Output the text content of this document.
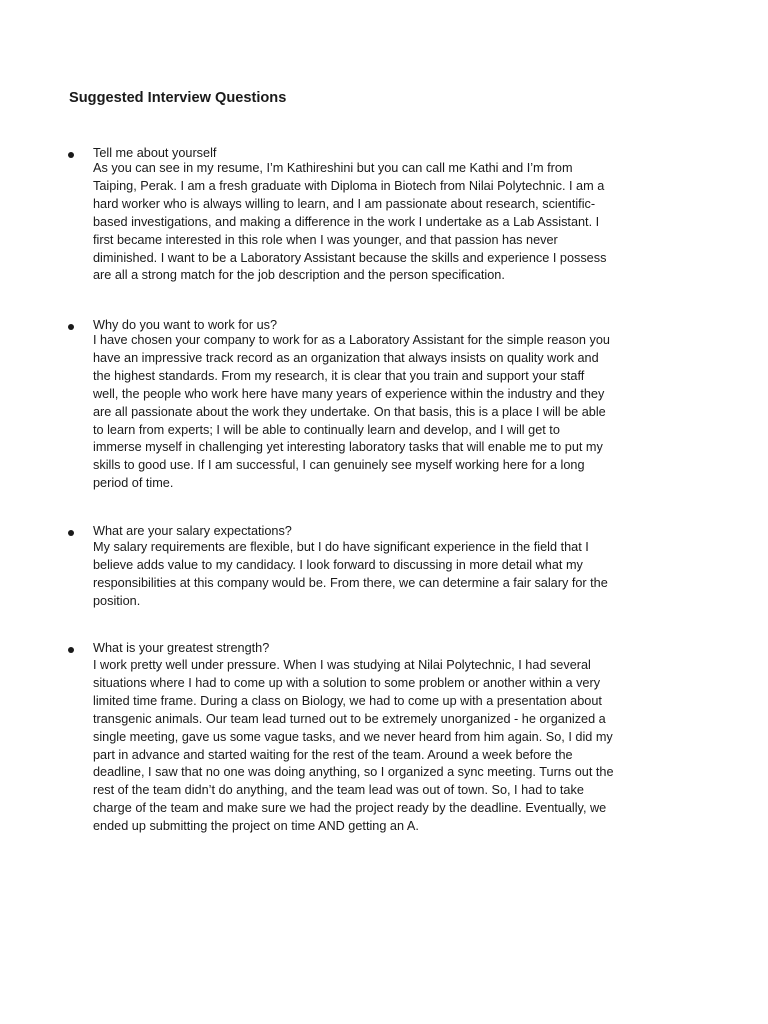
Suggested Interview Questions

Tell me about yourself

As you can see in my resume, I’m Kathireshini but you can call me Kathi and I’m from
Taiping, Perak. I am a fresh graduate with Diploma in Biotech from Nilai Polytechnic. I am a
hard worker who is always willing to learn, and I am passionate about research, scientific-
based investigations, and making a difference in the work I undertake as a Lab Assistant. I
first became interested in this role when I was younger, and that passion has never
diminished. I want to be a Laboratory Assistant because the skills and experience I possess
are all a strong match for the job description and the person specification.

Why do you want to work for us?

I have chosen your company to work for as a Laboratory Assistant for the simple reason you
have an impressive track record as an organization that always insists on quality work and
the highest standards. From my research, it is clear that you train and support your staff
well, the people who work here have many years of experience within the industry and they
are all passionate about the work they undertake. On that basis, this is a place I will be able
to learn from experts; I will be able to continually learn and develop, and I will get to
immerse myself in challenging yet interesting laboratory tasks that will enable me to put my
skills to good use. If I am successful, I can genuinely see myself working here for a long
period of time.

What are your salary expectations?

My salary requirements are flexible, but I do have significant experience in the field that I
believe adds value to my candidacy. I look forward to discussing in more detail what my
responsibilities at this company would be. From there, we can determine a fair salary for the
position.

What is your greatest strength?

I work pretty well under pressure. When I was studying at Nilai Polytechnic, I had several
situations where I had to come up with a solution to some problem or another within a very
limited time frame. During a class on Biology, we had to come up with a presentation about
transgenic animals. Our team lead turned out to be extremely unorganized - he organized a
single meeting, gave us some vague tasks, and we never heard from him again. So, I did my
part in advance and started waiting for the rest of the team. Around a week before the
deadline, I saw that no one was doing anything, so I organized a sync meeting. Turns out the
rest of the team didn’t do anything, and the team lead was out of town. So, I had to take
charge of the team and make sure we had the project ready by the deadline. Eventually, we
ended up submitting the project on time AND getting an A.
